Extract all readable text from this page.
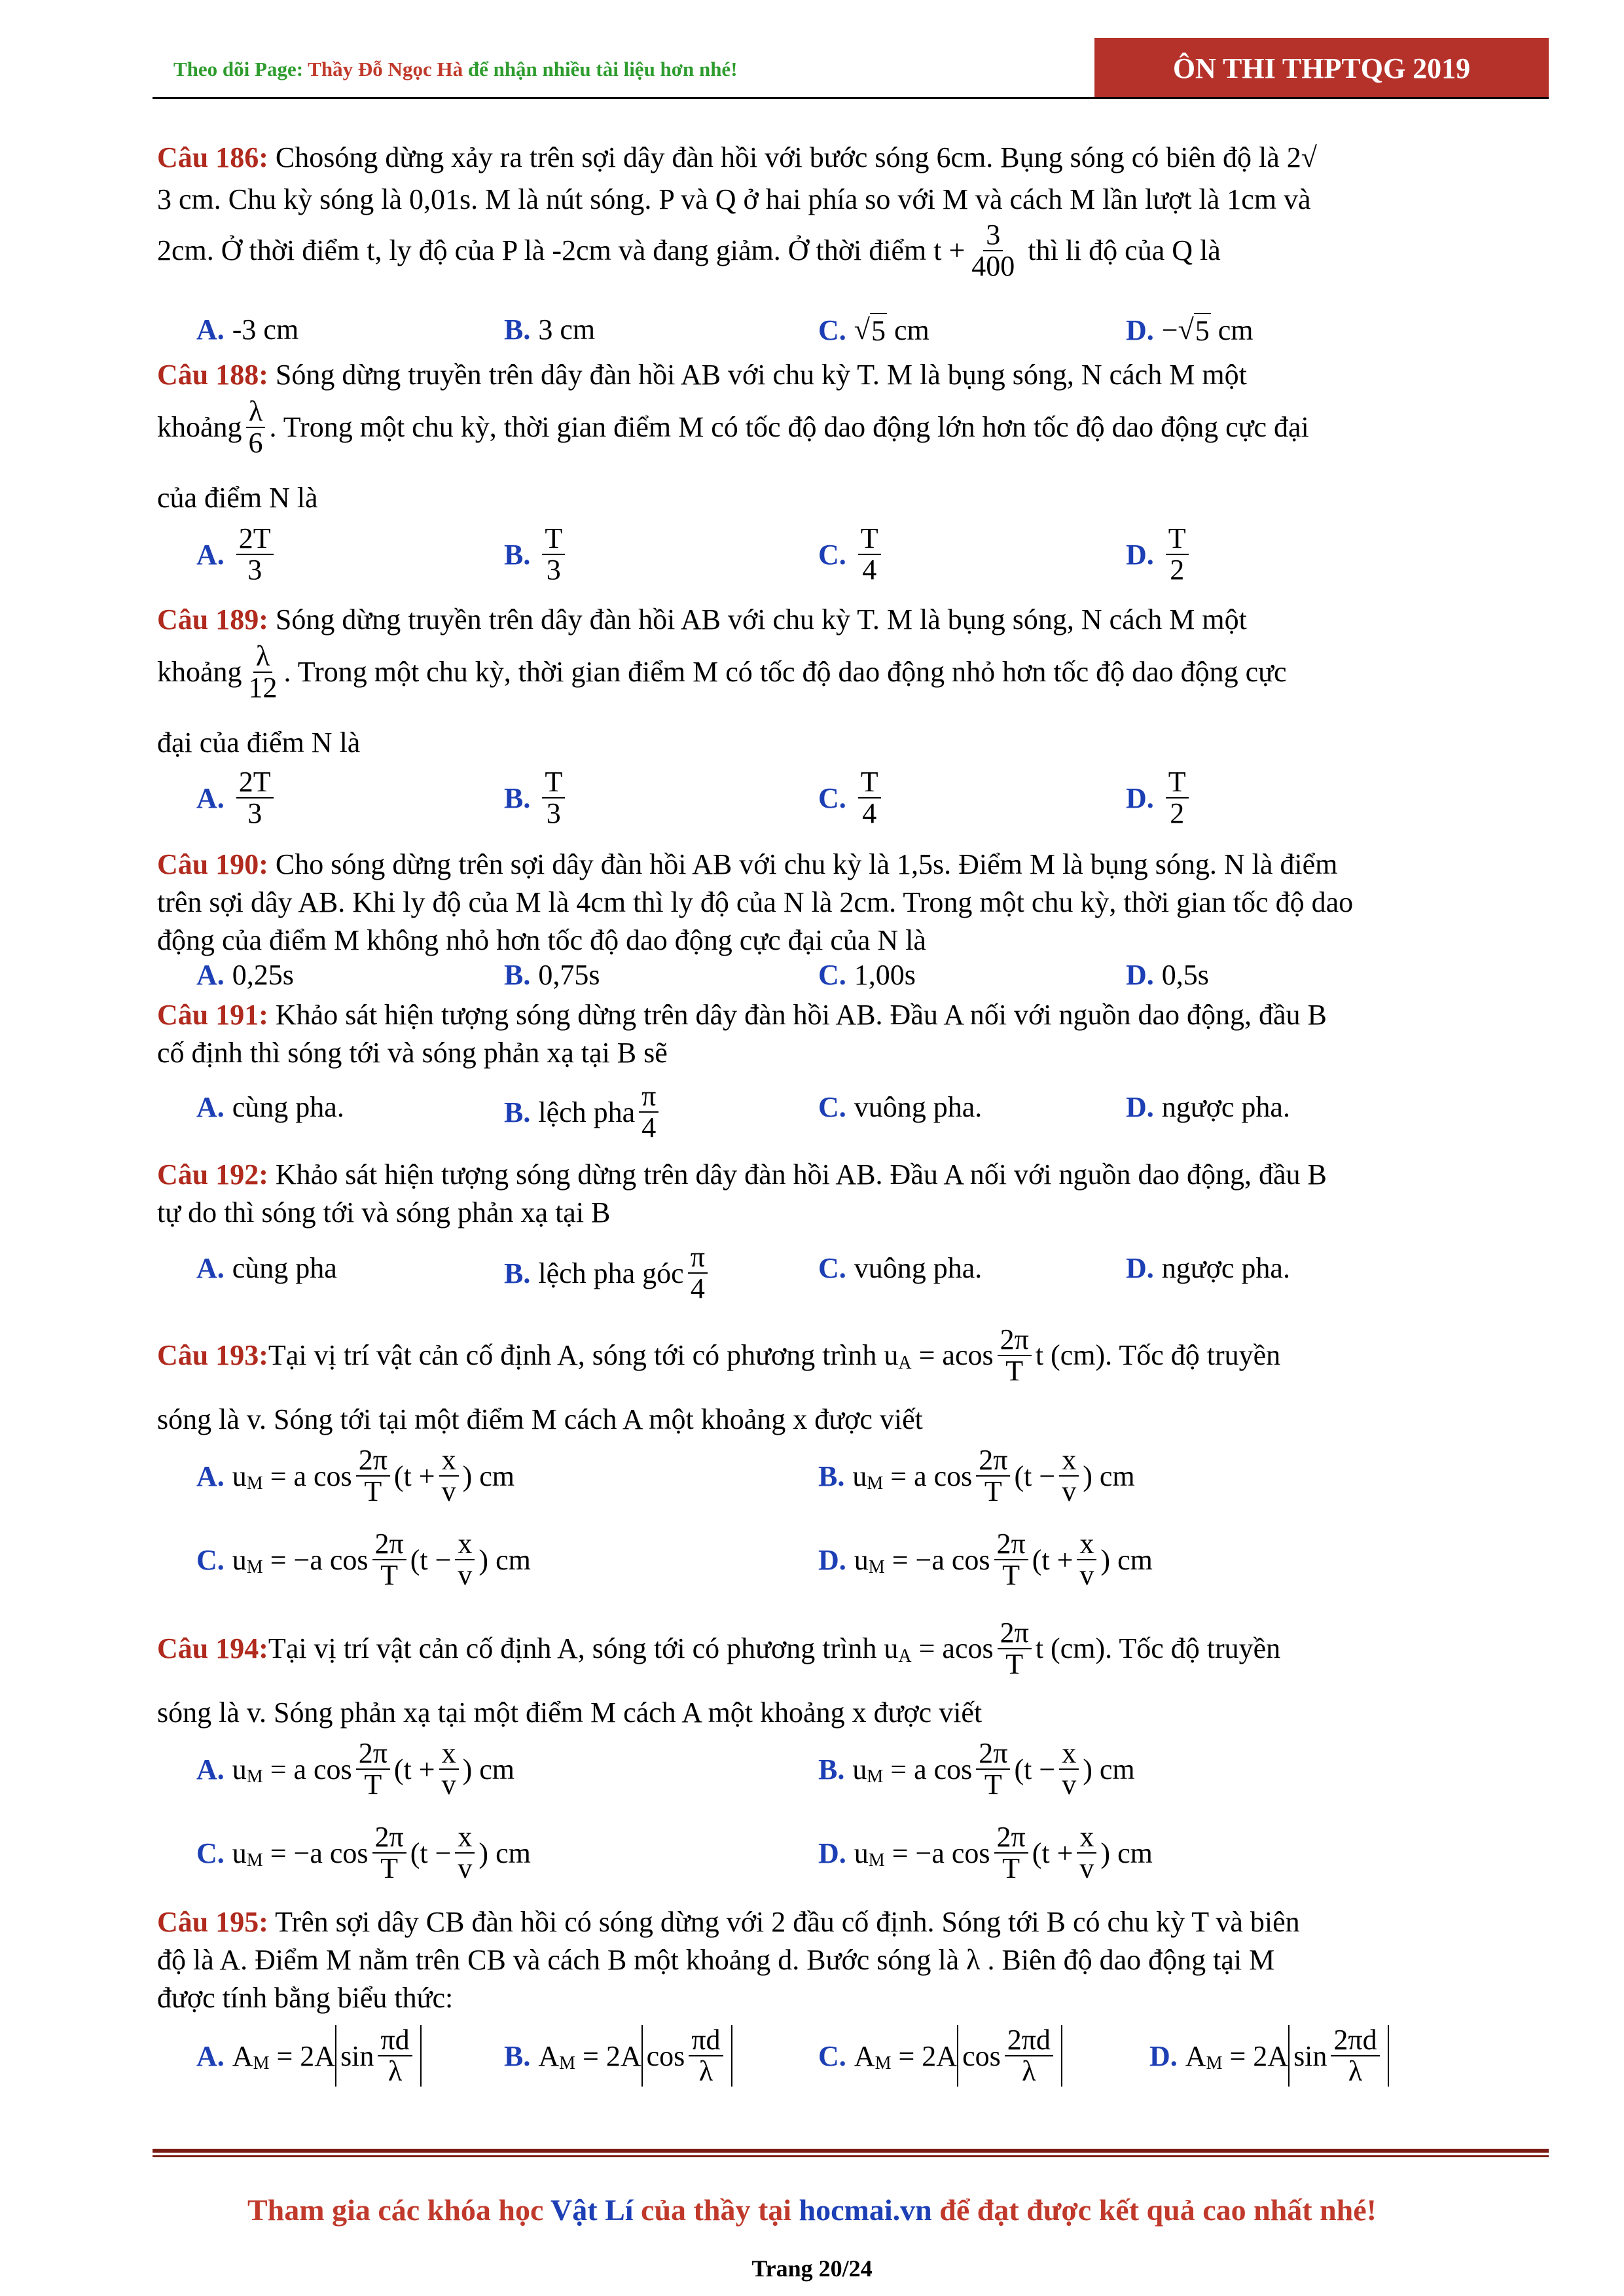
Theo dõi Page: Thầy Đỗ Ngọc Hà để nhận nhiều tài liệu hơn nhé!	ÔN THI THPTQG 2019
Câu 186: Chosóng dừng xảy ra trên sợi dây đàn hồi với bước sóng 6cm. Bụng sóng có biên độ là 2√
3 cm. Chu kỳ sóng là 0,01s. M là nút sóng. P và Q ở hai phía so với M và cách M lần lượt là 1cm và
2cm. Ở thời điểm t, ly độ của P là -2cm và đang giảm. Ở thời điểm $t + \frac{3}{400}$ thì li độ của Q là
A. -3 cm	B. 3 cm	C. √ 5
cm	D. − √ 5
cm
Câu 188: Sóng dừng truyền trên dây đàn hồi AB với chu kỳ T. M là bụng sóng, N cách M một
khoảng $\frac{\lambda}{6}$ . Trong một chu kỳ, thời gian điểm M có tốc độ dao động lớn hơn tốc độ dao động cực đại
của điểm N là
A. $\frac{2T}{3}$	B. $\frac{T}{3}$	C. $\frac{T}{4}$	D. $\frac{T}{2}$
Câu 189: Sóng dừng truyền trên dây đàn hồi AB với chu kỳ T. M là bụng sóng, N cách M một
khoảng $\frac{\lambda}{12}$ . Trong một chu kỳ, thời gian điểm M có tốc độ dao động nhỏ hơn tốc độ dao động cực
đại của điểm N là
A. $\frac{2T}{3}$	B. $\frac{T}{3}$	C. $\frac{T}{4}$	D. $\frac{T}{2}$
Câu 190: Cho sóng dừng trên sợi dây đàn hồi AB với chu kỳ là 1,5s. Điểm M là bụng sóng. N là điểm
trên sợi dây AB. Khi ly độ của M là 4cm thì ly độ của N là 2cm. Trong một chu kỳ, thời gian tốc độ dao
động của điểm M không nhỏ hơn tốc độ dao động cực đại của N là
A. 0,25s	B. 0,75s	C. 1,00s	D. 0,5s
Câu 191: Khảo sát hiện tượng sóng dừng trên dây đàn hồi AB. Đầu A nối với nguồn dao động, đầu B
cố định thì sóng tới và sóng phản xạ tại B sẽ
A. cùng pha.	B. lệch pha $\frac{\pi}{4}$	C. vuông pha.	D. ngược pha.
Câu 192: Khảo sát hiện tượng sóng dừng trên dây đàn hồi AB. Đầu A nối với nguồn dao động, đầu B
tự do thì sóng tới và sóng phản xạ tại B
A. cùng pha	B. lệch pha góc $\frac{\pi}{4}$	C. vuông pha.	D. ngược pha.
Câu 193: Tại vị trí vật cản cố định A, sóng tới có phương trình
u A
= acos $\frac{2\pi}{T}$ t (cm). Tốc độ truyền
sóng là v. Sóng tới tại một điểm M cách A một khoảng x được viết
A. u M
= a $\cos \frac{2\pi}{T} (t + \frac{x}{v}$ ) cm	B. u M
= a $\cos \frac{2\pi}{T} (t - \frac{x}{v}$ ) cm
C. u M
= −a $\cos \frac{2\pi}{T} (t - \frac{x}{v}$ ) cm	D. u M
= −a $\cos \frac{2\pi}{T} (t + \frac{x}{v}$ ) cm
Câu 194: Tại vị trí vật cản cố định A, sóng tới có phương trình
u A
= acos $\frac{2\pi}{T}$ t (cm). Tốc độ truyền
sóng là v. Sóng phản xạ tại một điểm M cách A một khoảng x được viết
A. u M
= a $\cos \frac{2\pi}{T} (t + \frac{x}{v}$ ) cm	B. u M
= a $\cos \frac{2\pi}{T} (t - \frac{x}{v}$ ) cm
C. u M
= −a $\cos \frac{2\pi}{T} (t - \frac{x}{v}$ ) cm	D. u M
= −a $\cos \frac{2\pi}{T} (t + \frac{x}{v}$ ) cm
Câu 195: Trên sợi dây CB đàn hồi có sóng dừng với 2 đầu cố định. Sóng tới B có chu kỳ T và biên
độ là A. Điểm M nằm trên CB và cách B một khoảng d. Bước sóng là λ . Biên độ dao động tại M
được tính bằng biểu thức:
A. A M
= 2A $\sin \frac{\pi d}{\lambda}$	B. A M
= 2A $\cos \frac{\pi d}{\lambda}$	C. A M
= 2A $\cos \frac{2\pi d}{\lambda}$	D. A M
= 2A $\sin \frac{2\pi d}{\lambda}$
Tham gia các khóa học Vật Lí của thầy tại hocmai.vn để đạt được kết quả cao nhất nhé!
Trang 20/24
